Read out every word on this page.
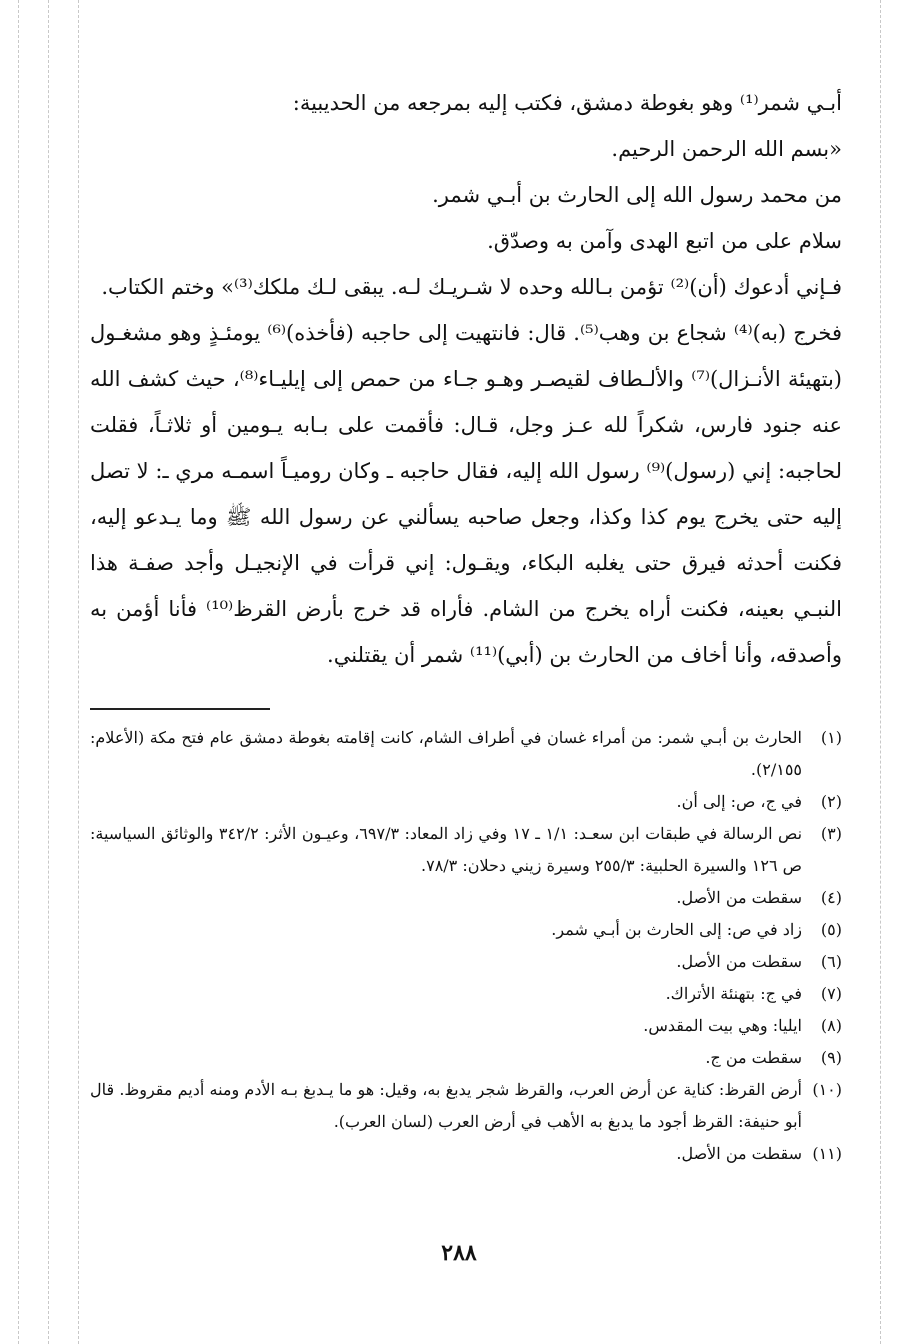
أبـي شمر⁽¹⁾ وهو بغوطة دمشق، فكتب إليه بمرجعه من الحديبية:

«بسم الله الرحمن الرحيم.

من محمد رسول الله إلى الحارث بن أبـي شمر.

سلام على من اتبع الهدى وآمن به وصدّق.

فـإني أدعوك (أن)⁽²⁾ تؤمن بـالله وحده لا شـريـك لـه. يبقى لـك ملكك⁽³⁾» وختم الكتاب.

فخرج (به)⁽⁴⁾ شجاع بن وهب⁽⁵⁾. قال: فانتهيت إلى حاجبه (فأخذه)⁽⁶⁾ يومئـذٍ وهو مشغـول (بتهيئة الأنـزال)⁽⁷⁾ والألـطاف لقيصـر وهـو جـاء من حمص إلى إيليـاء⁽⁸⁾، حيث كشف الله عنه جنود فارس، شكراً لله عـز وجل، قـال: فأقمت على بـابه يـومين أو ثلاثـاً، فقلت لحاجبه: إني (رسول)⁽⁹⁾ رسول الله إليه، فقال حاجبه ـ وكان روميـاً اسمـه مري ـ: لا تصل إليه حتى يخرج يوم كذا وكذا، وجعل صاحبه يسألني عن رسول الله ﷺ وما يـدعو إليه، فكنت أحدثه فيرق حتى يغلبه البكاء، ويقـول: إني قرأت في الإنجيـل وأجد صفـة هذا النبـي بعينه، فكنت أراه يخرج من الشام. فأراه قد خرج بأرض القرظ⁽¹⁰⁾ فأنا أؤمن به وأصدقه، وأنا أخاف من الحارث بن (أبي)⁽¹¹⁾ شمر أن يقتلني.

(١)
الحارث بن أبـي شمر: من أمراء غسان في أطراف الشام، كانت إقامته بغوطة دمشق عام فتح مكة (الأعلام: ٢/١٥٥).
(٢)
في ج، ص: إلى أن.
(٣)
نص الرسالة في طبقات ابن سعـد: ١/١ ـ ١٧ وفي زاد المعاد: ٦٩٧/٣، وعيـون الأثر: ٣٤٢/٢ والوثائق السياسية: ص ١٢٦ والسيرة الحلبية: ٢٥٥/٣ وسيرة زيني دحلان: ٧٨/٣.
(٤)
سقطت من الأصل.
(٥)
زاد في ص: إلى الحارث بن أبـي شمر.
(٦)
سقطت من الأصل.
(٧)
في ج: بتهنئة الأتراك.
(٨)
ايليا: وهي بيت المقدس.
(٩)
سقطت من ج.
(١٠)
أرض القرظ: كناية عن أرض العرب، والقرظ شجر يدبغ به، وقيل: هو ما يـدبغ بـه الأدم ومنه أديم مقروظ. قال أبو حنيفة: القرظ أجود ما يدبغ به الأهب في أرض العرب (لسان العرب).
(١١)
سقطت من الأصل.
٢٨٨
